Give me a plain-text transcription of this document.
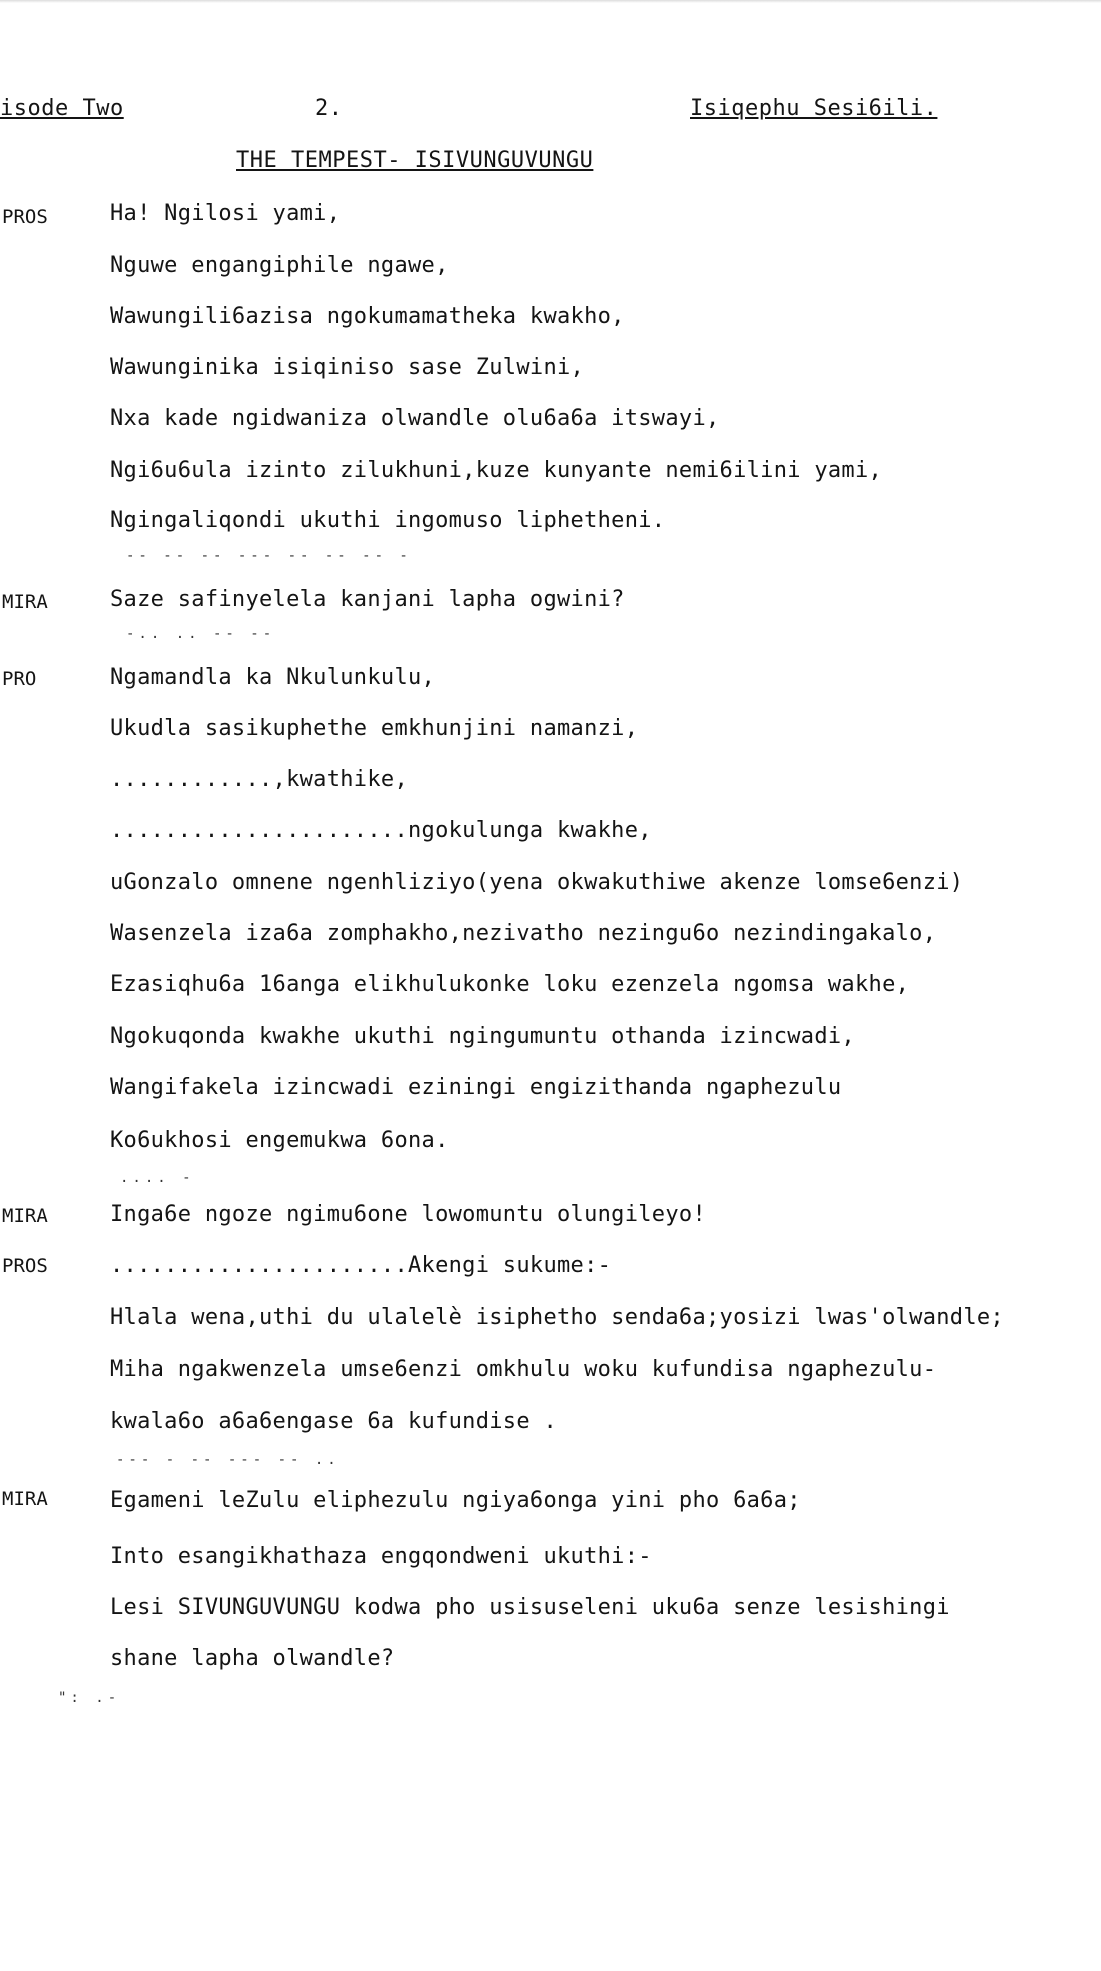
isode Two	2.	Isiqephu Sesi6ili.
THE TEMPEST- ISIVUNGUVUNGU
PROS	Ha! Ngilosi yami,
Nguwe engangiphile ngawe,
Wawungili6azisa ngokumamatheka kwakho,
Wawunginika isiqiniso sase Zulwini,
Nxa kade ngidwaniza olwandle olu6a6a itswayi,
Ngi6u6ula izinto zilukhuni,kuze kunyante nemi6ilini yami,
Ngingaliqondi ukuthi ingomuso liphetheni.
-- -- -- --- -- -- -- -
MIRA	Saze safinyelela kanjani lapha ogwini?
-.. .. -- --
PRO	Ngamandla ka Nkulunkulu,
Ukudla sasikuphethe emkhunjini namanzi,
............,kwathike,
......................ngokulunga kwakhe,
uGonzalo omnene ngenhliziyo(yena okwakuthiwe akenze lomse6enzi)
Wasenzela iza6a zomphakho,nezivatho nezingu6o nezindingakalo,
Ezasiqhu6a 16anga elikhulukonke loku ezenzela ngomsa wakhe,
Ngokuqonda kwakhe ukuthi ngingumuntu othanda izincwadi,
Wangifakela izincwadi eziningi engizithanda ngaphezulu
Ko6ukhosi engemukwa 6ona.
.... -
MIRA	Inga6e ngoze ngimu6one lowomuntu olungileyo!
PROS	......................Akengi sukume:-
Hlala wena,uthi du ulalelè isiphetho senda6a;yosizi lwas'olwandle;
Miha ngakwenzela umse6enzi omkhulu woku kufundisa ngaphezulu-
kwala6o a6a6engase 6a kufundise .
--- - -- --- -- ..
MIRA	Egameni leZulu eliphezulu ngiya6onga yini pho 6a6a;
Into esangikhathaza engqondweni ukuthi:-
Lesi SIVUNGUVUNGU kodwa pho usisuseleni uku6a senze lesishingi
shane lapha olwandle?
": .-
